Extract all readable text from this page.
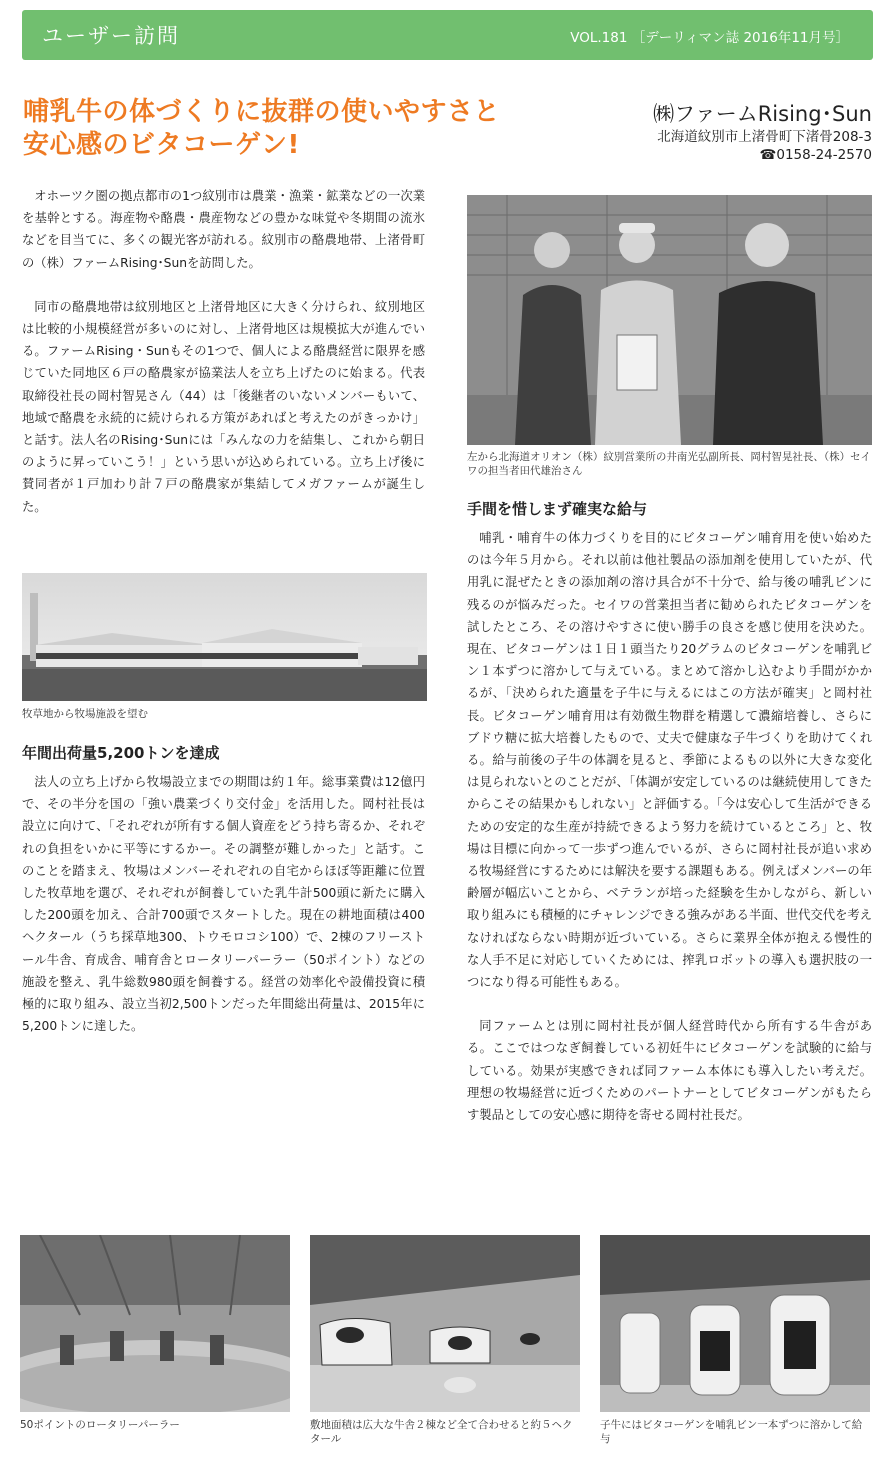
ユーザー訪問	VOL.181 ［デーリィマン誌 2016年11月号］
哺乳牛の体づくりに抜群の使いやすさと
安心感のビタコーゲン!
㈱ファームRising･Sun
北海道紋別市上渚骨町下渚骨208-3
☎0158-24-2570

オホーツク圏の拠点都市の1つ紋別市は農業・漁業・鉱業などの一次業を基幹とする。海産物や酪農・農産物などの豊かな味覚や冬期間の流氷などを目当てに、多くの観光客が訪れる。紋別市の酪農地帯、上渚骨町の（株）ファームRising･Sunを訪問した。

同市の酪農地帯は紋別地区と上渚骨地区に大きく分けられ、紋別地区は比較的小規模経営が多いのに対し、上渚骨地区は規模拡大が進んでいる。ファームRising・Sunもその1つで、個人による酪農経営に限界を感じていた同地区６戸の酪農家が協業法人を立ち上げたのに始まる。代表取締役社長の岡村智晃さん（44）は「後継者のいないメンバーもいて、地域で酪農を永続的に続けられる方策があればと考えたのがきっかけ」と話す。法人名のRising･Sunには「みんなの力を結集し、これから朝日のように昇っていこう！」という思いが込められている。立ち上げ後に賛同者が１戸加わり計７戸の酪農家が集結してメガファームが誕生した。

牧草地から牧場施設を望む
年間出荷量5,200トンを達成

法人の立ち上げから牧場設立までの期間は約１年。総事業費は12億円で、その半分を国の「強い農業づくり交付金」を活用した。岡村社長は設立に向けて、「それぞれが所有する個人資産をどう持ち寄るか、それぞれの負担をいかに平等にするかー。その調整が難しかった」と話す。このことを踏まえ、牧場はメンバーそれぞれの自宅からほぼ等距離に位置した牧草地を選び、それぞれが飼養していた乳牛計500頭に新たに購入した200頭を加え、合計700頭でスタートした。現在の耕地面積は400ヘクタール（うち採草地300、トウモロコシ100）で、2棟のフリーストール牛舎、育成舎、哺育舎とロータリーパーラー（50ポイント）などの施設を整え、乳牛総数980頭を飼養する。経営の効率化や設備投資に積極的に取り組み、設立当初2,500トンだった年間総出荷量は、2015年に5,200トンに達した。

左から北海道オリオン（株）紋別営業所の井南光弘副所長、岡村智晃社長、（株）セイワの担当者田代雄治さん
手間を惜しまず確実な給与

哺乳・哺育牛の体力づくりを目的にビタコーゲン哺育用を使い始めたのは今年５月から。それ以前は他社製品の添加剤を使用していたが、代用乳に混ぜたときの添加剤の溶け具合が不十分で、給与後の哺乳ビンに残るのが悩みだった。セイワの営業担当者に勧められたビタコーゲンを試したところ、その溶けやすさに使い勝手の良さを感じ使用を決めた。現在、ビタコーゲンは１日１頭当たり20グラムのビタコーゲンを哺乳ビン１本ずつに溶かして与えている。まとめて溶かし込むより手間がかかるが、「決められた適量を子牛に与えるにはこの方法が確実」と岡村社長。ビタコーゲン哺育用は有効微生物群を精選して濃縮培養し、さらにブドウ糖に拡大培養したもので、丈夫で健康な子牛づくりを助けてくれる。給与前後の子牛の体調を見ると、季節によるもの以外に大きな変化は見られないとのことだが、「体調が安定しているのは継続使用してきたからこその結果かもしれない」と評価する。「今は安心して生活ができるための安定的な生産が持続できるよう努力を続けているところ」と、牧場は目標に向かって一歩ずつ進んでいるが、さらに岡村社長が追い求める牧場経営にするためには解決を要する課題もある。例えばメンバーの年齢層が幅広いことから、ベテランが培った経験を生かしながら、新しい取り組みにも積極的にチャレンジできる強みがある半面、世代交代を考えなければならない時期が近づいている。さらに業界全体が抱える慢性的な人手不足に対応していくためには、搾乳ロボットの導入も選択肢の一つになり得る可能性もある。

同ファームとは別に岡村社長が個人経営時代から所有する牛舎がある。ここではつなぎ飼養している初妊牛にビタコーゲンを試験的に給与している。効果が実感できれば同ファーム本体にも導入したい考えだ。理想の牧場経営に近づくためのパートナーとしてビタコーゲンがもたらす製品としての安心感に期待を寄せる岡村社長だ。

50ポイントのロータリーパーラー	敷地面積は広大な牛舎２棟など全て合わせると約５ヘクタール
子牛にはビタコーゲンを哺乳ビン一本ずつに溶かして給与
